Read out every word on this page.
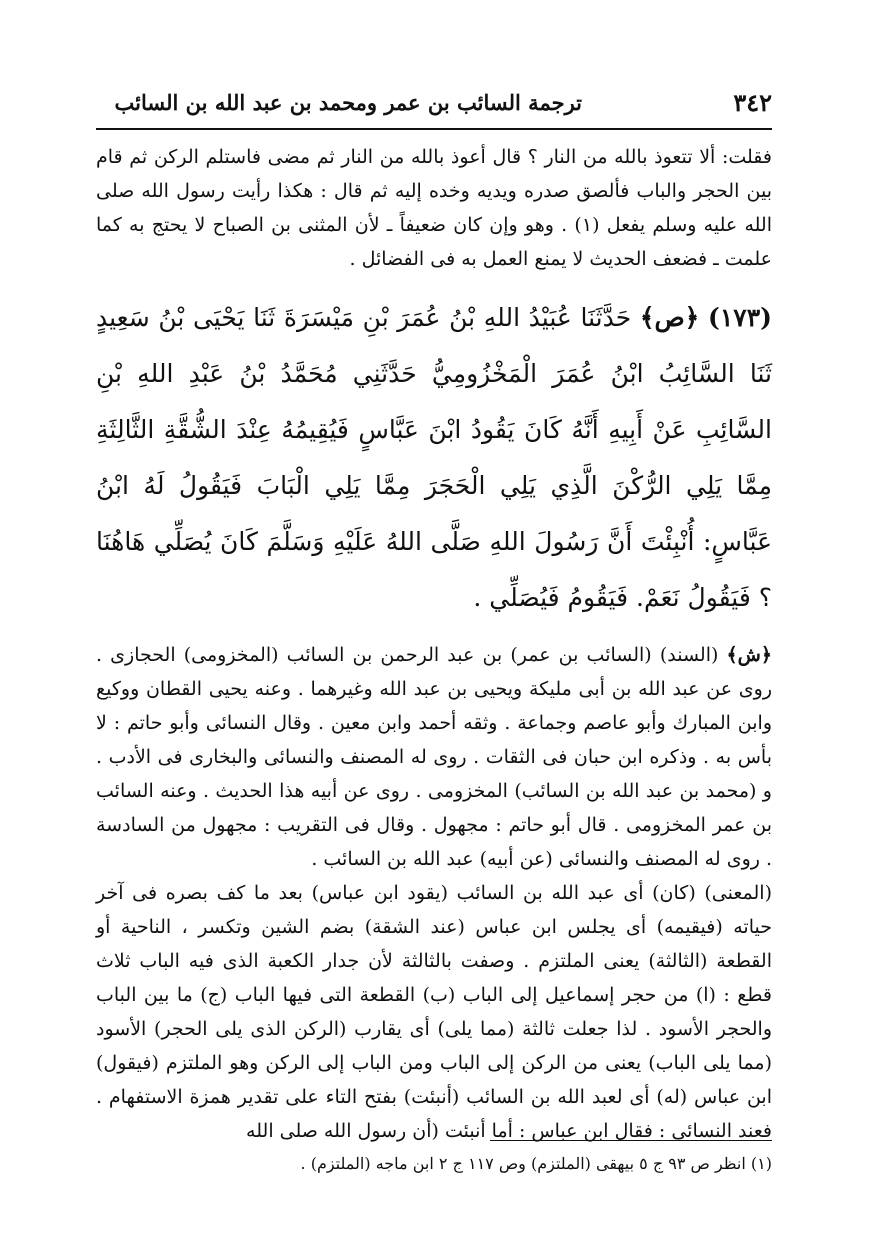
٣٤٢
ترجمة السائب بن عمر ومحمد بن عبد الله بن السائب

فقلت: ألا تتعوذ بالله من النار ؟ قال أعوذ بالله من النار ثم مضى فاستلم الركن ثم قام بين الحجر والباب فألصق صدره ويديه وخده إليه ثم قال : هكذا رأيت رسول الله صلى الله عليه وسلم يفعل (١) . وهو وإن كان ضعيفاً ـ لأن المثنى بن الصباح لا يحتج به كما علمت ـ فضعف الحديث لا يمنع العمل به فى الفضائل .

(١٧٣) ﴿ص﴾ حَدَّثَنَا عُبَيْدُ اللهِ بْنُ عُمَرَ بْنِ مَيْسَرَةَ ثَنَا يَحْيَى بْنُ سَعِيدٍ ثَنَا السَّائِبُ ابْنُ عُمَرَ الْمَخْزُومِيُّ حَدَّثَنِي مُحَمَّدُ بْنُ عَبْدِ اللهِ بْنِ السَّائِبِ عَنْ أَبِيهِ أَنَّهُ كَانَ يَقُودُ ابْنَ عَبَّاسٍ فَيُقِيمُهُ عِنْدَ الشُّقَّةِ الثَّالِثَةِ مِمَّا يَلِي الرُّكْنَ الَّذِي يَلِي الْحَجَرَ مِمَّا يَلِي الْبَابَ فَيَقُولُ لَهُ ابْنُ عَبَّاسٍ: أُنْبِئْتَ أَنَّ رَسُولَ اللهِ صَلَّى اللهُ عَلَيْهِ وَسَلَّمَ كَانَ يُصَلِّي هَاهُنَا ؟ فَيَقُولُ نَعَمْ. فَيَقُومُ فَيُصَلِّي .

﴿ش﴾ (السند) (السائب بن عمر) بن عبد الرحمن بن السائب (المخزومى) الحجازى . روى عن عبد الله بن أبى مليكة ويحيى بن عبد الله وغيرهما . وعنه يحيى القطان ووكيع وابن المبارك وأبو عاصم وجماعة . وثقه أحمد وابن معين . وقال النسائى وأبو حاتم : لا بأس به . وذكره ابن حبان فى الثقات . روى له المصنف والنسائى والبخارى فى الأدب . و (محمد بن عبد الله بن السائب) المخزومى . روى عن أبيه هذا الحديث . وعنه السائب بن عمر المخزومى . قال أبو حاتم : مجهول . وقال فى التقريب : مجهول من السادسة . روى له المصنف والنسائى (عن أبيه) عبد الله بن السائب .

(المعنى) (كان) أى عبد الله بن السائب (يقود ابن عباس) بعد ما كف بصره فى آخر حياته (فيقيمه) أى يجلس ابن عباس (عند الشقة) بضم الشين وتكسر ، الناحية أو القطعة (الثالثة) يعنى الملتزم . وصفت بالثالثة لأن جدار الكعبة الذى فيه الباب ثلاث قطع : (ا) من حجر إسماعيل إلى الباب (ب) القطعة التى فيها الباب (ج) ما بين الباب والحجر الأسود . لذا جعلت ثالثة (مما يلى) أى يقارب (الركن الذى يلى الحجر) الأسود (مما يلى الباب) يعنى من الركن إلى الباب ومن الباب إلى الركن وهو الملتزم (فيقول) ابن عباس (له) أى لعبد الله بن السائب (أنبئت) بفتح التاء على تقدير همزة الاستفهام . فعند النسائى : فقال ابن عباس : أما أنبئت (أن رسول الله صلى الله

(١) انظر ص ٩٣ ج ٥ بيهقى (الملتزم) وص ١١٧ ج ٢ ابن ماجه (الملتزم) .
